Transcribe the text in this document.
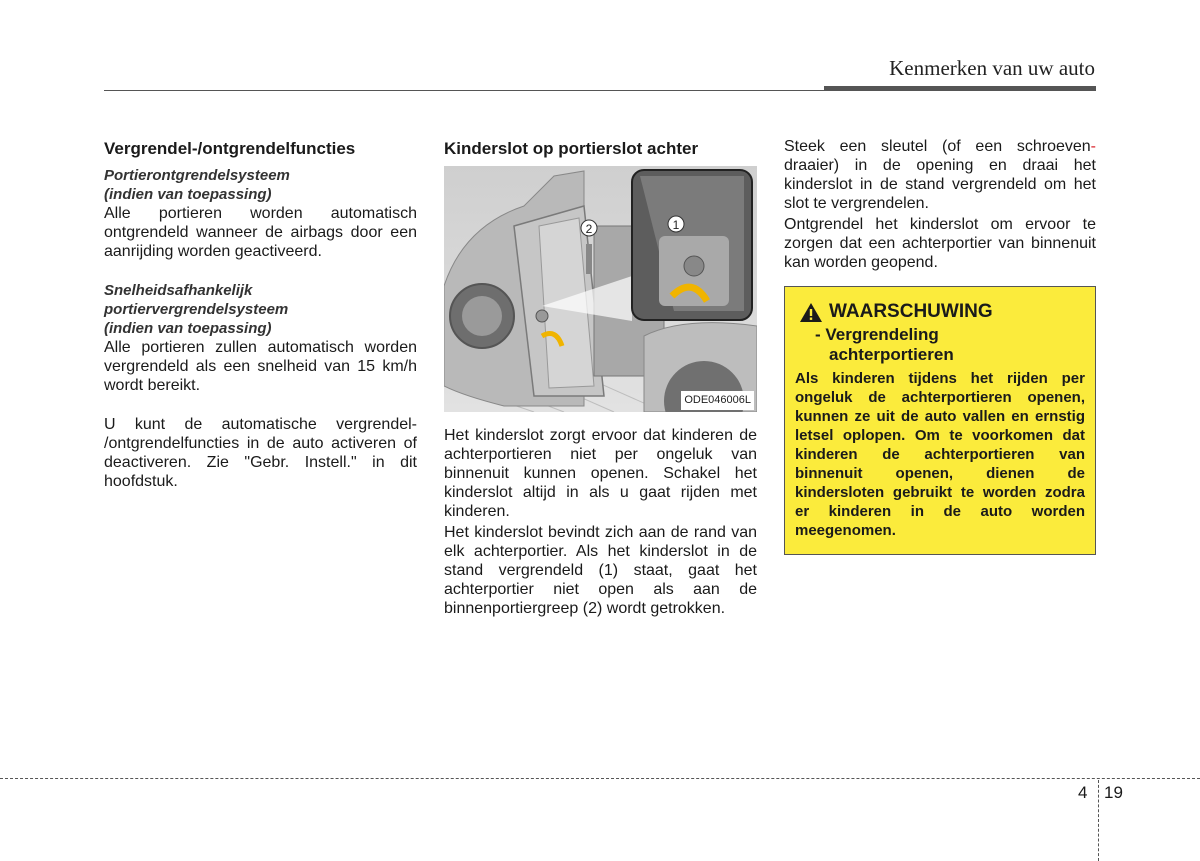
Kenmerken van uw auto
Vergrendel-/ontgrendelfuncties
Portierontgrendelsysteem
(indien van toepassing)

Alle portieren worden automatisch ontgrendeld wanneer de airbags door een aanrijding worden geactiveerd.

Snelheidsafhankelijk
portiervergrendelsysteem
(indien van toepassing)

Alle portieren zullen automatisch worden vergrendeld als een snelheid van 15 km/h wordt bereikt.

U kunt de automatische vergrendel- /ontgrendelfuncties in de auto activeren of deactiveren. Zie "Gebr. Instell." in dit hoofdstuk.

Kinderslot op portierslot achter
2	1
ODE046006L

Het kinderslot zorgt ervoor dat kinderen de achterportieren niet per ongeluk van binnenuit kunnen openen. Schakel het kinderslot altijd in als u gaat rijden met kinderen.

Het kinderslot bevindt zich aan de rand van elk achterportier. Als het kinderslot in de stand vergrendeld (1) staat, gaat het achterportier niet open als aan de binnenportiergreep (2) wordt getrokken.

Steek een sleutel (of een schroeven- draaier) in de opening en draai het kinderslot in de stand vergrendeld om het slot te vergrendelen.

Ontgrendel het kinderslot om ervoor te zorgen dat een achterportier van binnenuit kan worden geopend.

WAARSCHUWING
- Vergrendeling
achterportieren
Als kinderen tijdens het rijden per ongeluk de achterportieren openen, kunnen ze uit de auto vallen en ernstig letsel oplopen. Om te voorkomen dat kinderen de achterportieren van binnenuit openen, dienen de kindersloten gebruikt te worden zodra er kinderen in de auto worden meegenomen.
4 19
